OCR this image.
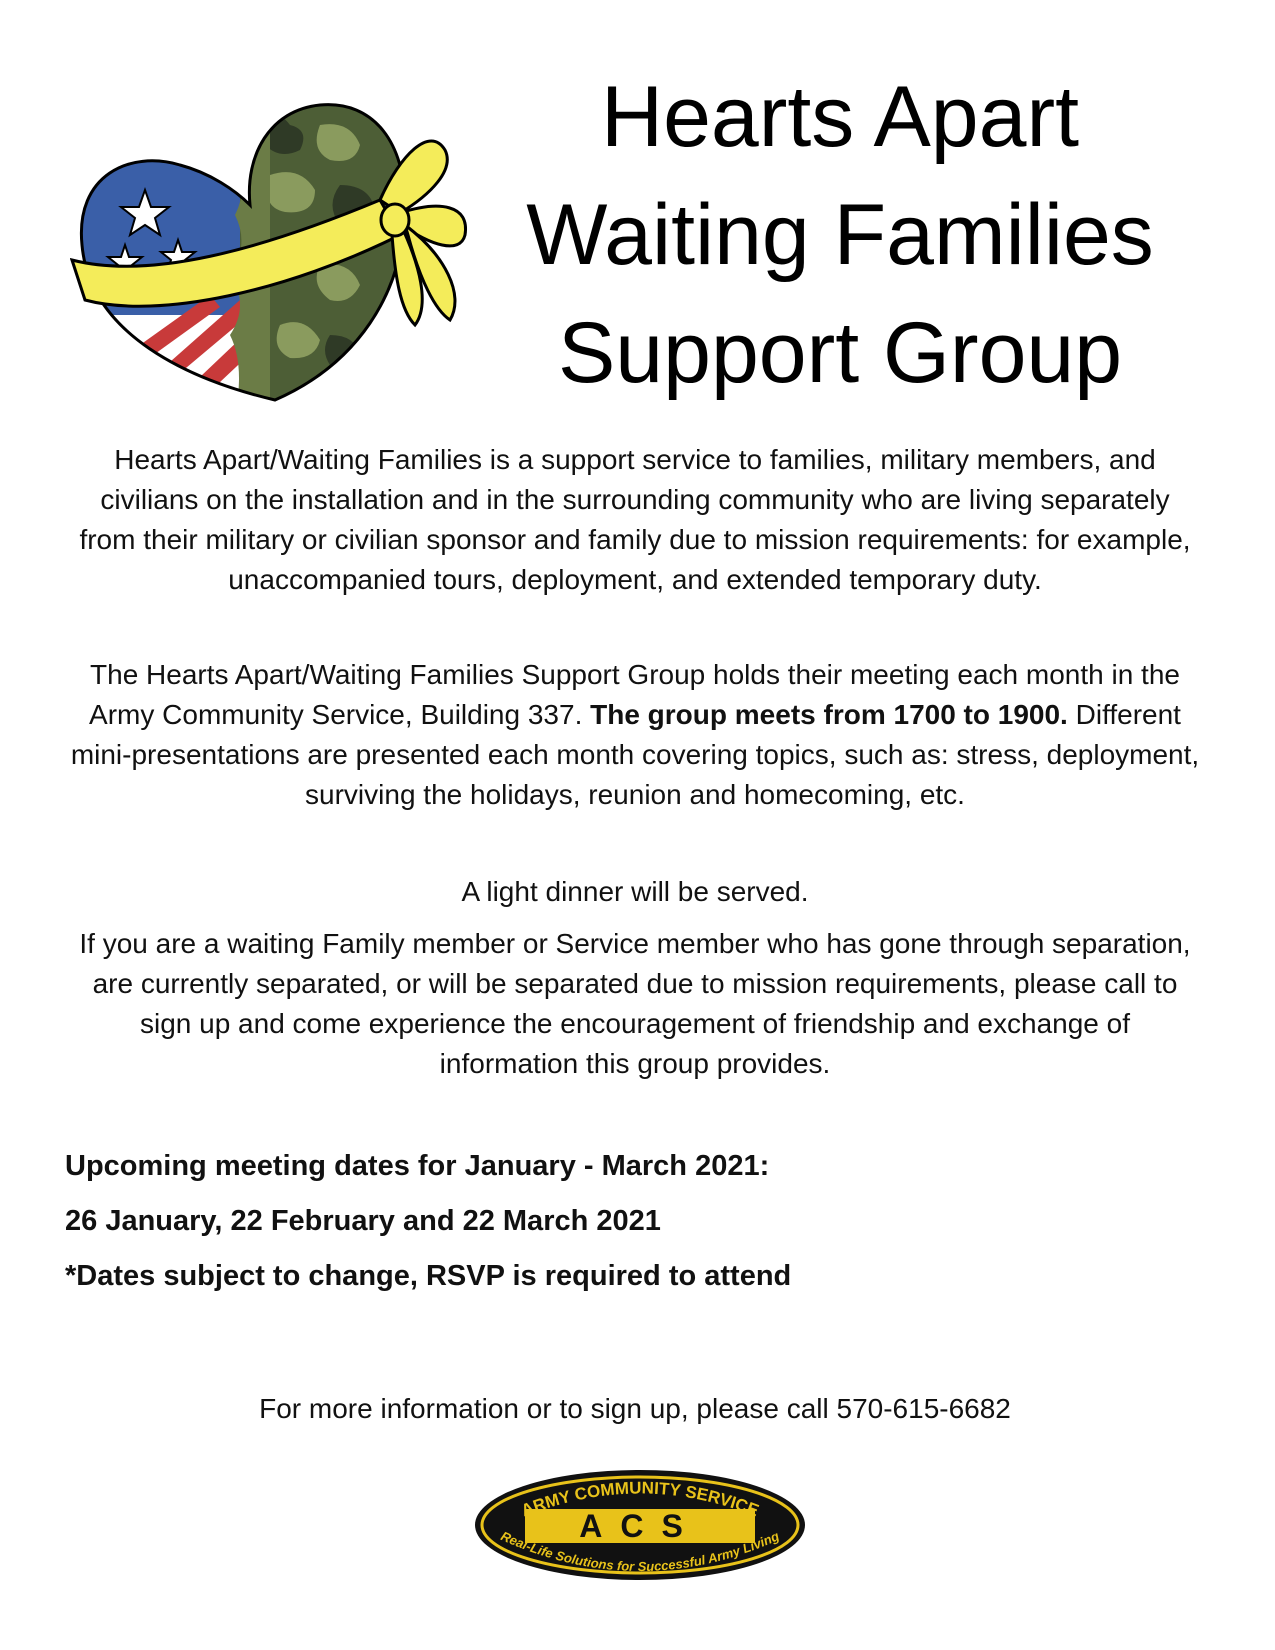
Hearts Apart
Waiting Families
Support Group

Hearts Apart/Waiting Families is a support service to families, military members, and civilians on the installation and in the surrounding community who are living separately from their military or civilian sponsor and family due to mission requirements: for example, unaccompanied tours, deployment, and extended temporary duty.

The Hearts Apart/Waiting Families Support Group holds their meeting each month in the Army Community Service, Building 337. The group meets from 1700 to 1900. Different mini-presentations are presented each month covering topics, such as: stress, deployment, surviving the holidays, reunion and homecoming, etc.

A light dinner will be served.

If you are a waiting Family member or Service member who has gone through separation, are currently separated, or will be separated due to mission requirements, please call to sign up and come experience the encouragement of friendship and exchange of information this group provides.

Upcoming meeting dates for January - March 2021:

26 January, 22 February and 22 March 2021

*Dates subject to change, RSVP is required to attend

For more information or to sign up, please call 570-615-6682

ARMY COMMUNITY SERVICE
ACS
Real-Life Solutions for Successful Army Living
